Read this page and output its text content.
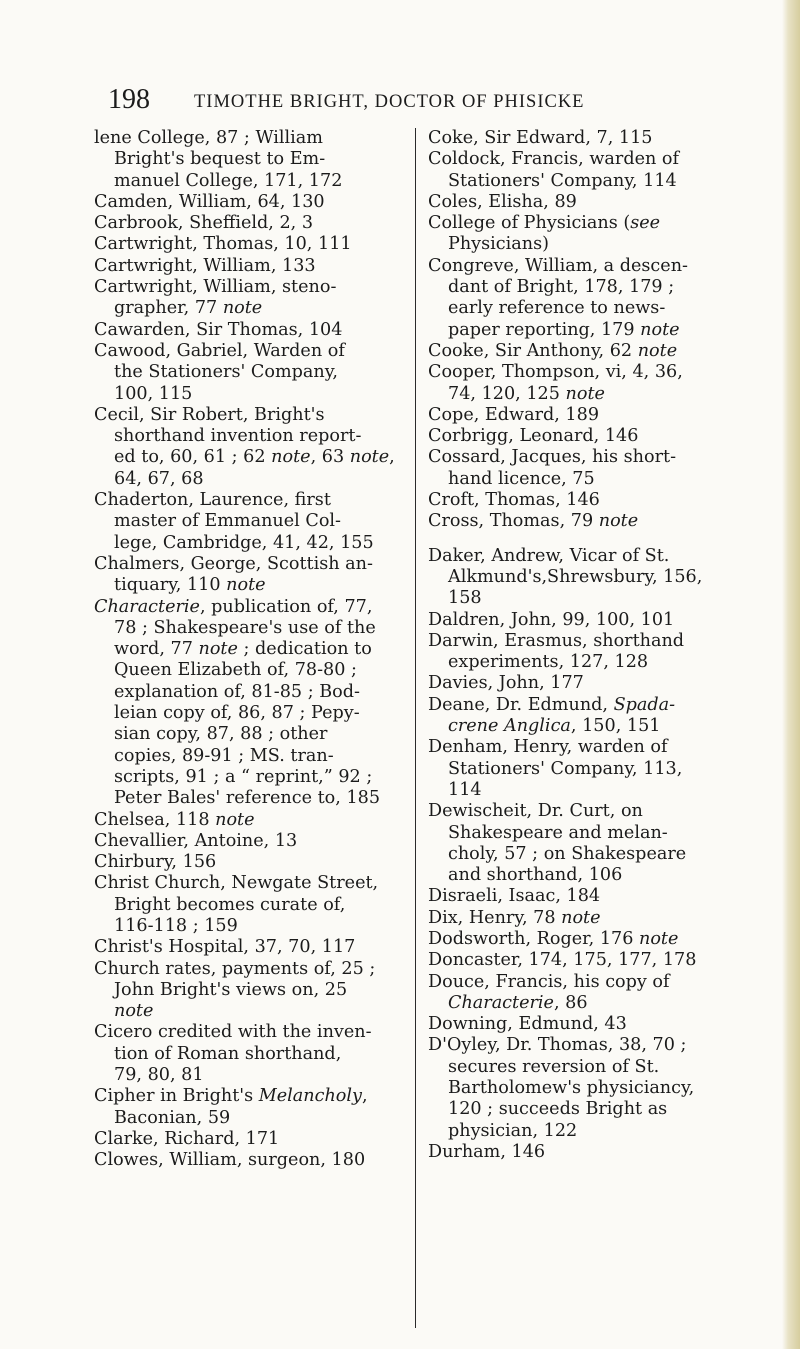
198 TIMOTHE BRIGHT, DOCTOR OF PHISICKE
lene College, 87 ; William
Bright's bequest to Em-
manuel College, 171, 172
Camden, William, 64, 130
Carbrook, Sheffield, 2, 3
Cartwright, Thomas, 10, 111
Cartwright, William, 133
Cartwright, William, steno-
grapher, 77 note
Cawarden, Sir Thomas, 104
Cawood, Gabriel, Warden of
the Stationers' Company,
100, 115
Cecil, Sir Robert, Bright's
shorthand invention report-
ed to, 60, 61 ; 62 note, 63 note,
64, 67, 68
Chaderton, Laurence, first
master of Emmanuel Col-
lege, Cambridge, 41, 42, 155
Chalmers, George, Scottish an-
tiquary, 110 note
Characterie, publication of, 77,
78 ; Shakespeare's use of the
word, 77 note ; dedication to
Queen Elizabeth of, 78-80 ;
explanation of, 81-85 ; Bod-
leian copy of, 86, 87 ; Pepy-
sian copy, 87, 88 ; other
copies, 89-91 ; MS. tran-
scripts, 91 ; a “ reprint,” 92 ;
Peter Bales' reference to, 185
Chelsea, 118 note
Chevallier, Antoine, 13
Chirbury, 156
Christ Church, Newgate Street,
Bright becomes curate of,
116-118 ; 159
Christ's Hospital, 37, 70, 117
Church rates, payments of, 25 ;
John Bright's views on, 25
note
Cicero credited with the inven-
tion of Roman shorthand,
79, 80, 81
Cipher in Bright's Melancholy,
Baconian, 59
Clarke, Richard, 171
Clowes, William, surgeon, 180
Coke, Sir Edward, 7, 115
Coldock, Francis, warden of
Stationers' Company, 114
Coles, Elisha, 89
College of Physicians (see
Physicians)
Congreve, William, a descen-
dant of Bright, 178, 179 ;
early reference to news-
paper reporting, 179 note
Cooke, Sir Anthony, 62 note
Cooper, Thompson, vi, 4, 36,
74, 120, 125 note
Cope, Edward, 189
Corbrigg, Leonard, 146
Cossard, Jacques, his short-
hand licence, 75
Croft, Thomas, 146
Cross, Thomas, 79 note
Daker, Andrew, Vicar of St.
Alkmund's,Shrewsbury, 156,
158
Daldren, John, 99, 100, 101
Darwin, Erasmus, shorthand
experiments, 127, 128
Davies, John, 177
Deane, Dr. Edmund, Spada-
crene Anglica, 150, 151
Denham, Henry, warden of
Stationers' Company, 113,
114
Dewischeit, Dr. Curt, on
Shakespeare and melan-
choly, 57 ; on Shakespeare
and shorthand, 106
Disraeli, Isaac, 184
Dix, Henry, 78 note
Dodsworth, Roger, 176 note
Doncaster, 174, 175, 177, 178
Douce, Francis, his copy of
Characterie, 86
Downing, Edmund, 43
D'Oyley, Dr. Thomas, 38, 70 ;
secures reversion of St.
Bartholomew's physiciancy,
120 ; succeeds Bright as
physician, 122
Durham, 146
